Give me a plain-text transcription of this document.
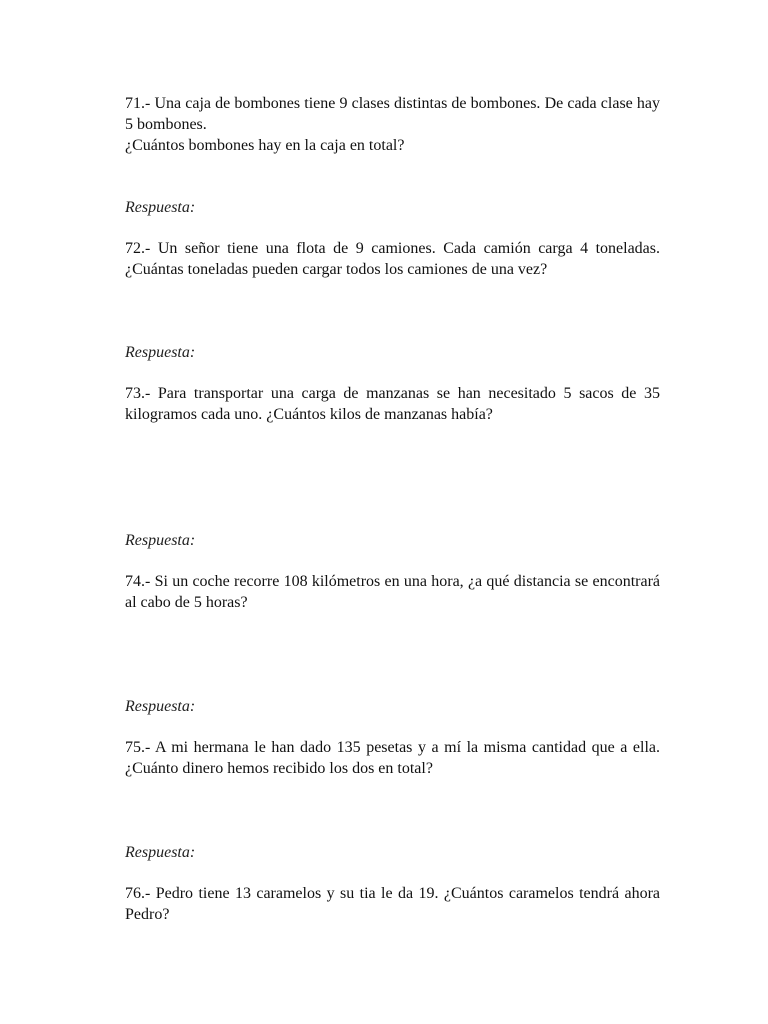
71.- Una caja de bombones tiene 9 clases distintas de bombones. De cada clase hay 5 bombones.
¿Cuántos bombones hay en la caja en total?
Respuesta:
72.- Un señor tiene una flota de 9 camiones. Cada camión carga 4 toneladas. ¿Cuántas toneladas pueden cargar todos los camiones de una vez?
Respuesta:
73.- Para transportar una carga de manzanas se han necesitado 5 sacos de 35 kilogramos cada uno. ¿Cuántos kilos de manzanas había?
Respuesta:
74.- Si un coche recorre 108 kilómetros en una hora, ¿a qué distancia se encontrará al cabo de 5 horas?
Respuesta:
75.- A mi hermana le han dado 135 pesetas y a mí la misma cantidad que a ella. ¿Cuánto dinero hemos recibido los dos en total?
Respuesta:
76.- Pedro tiene 13 caramelos y su tia le da 19. ¿Cuántos caramelos tendrá ahora Pedro?
